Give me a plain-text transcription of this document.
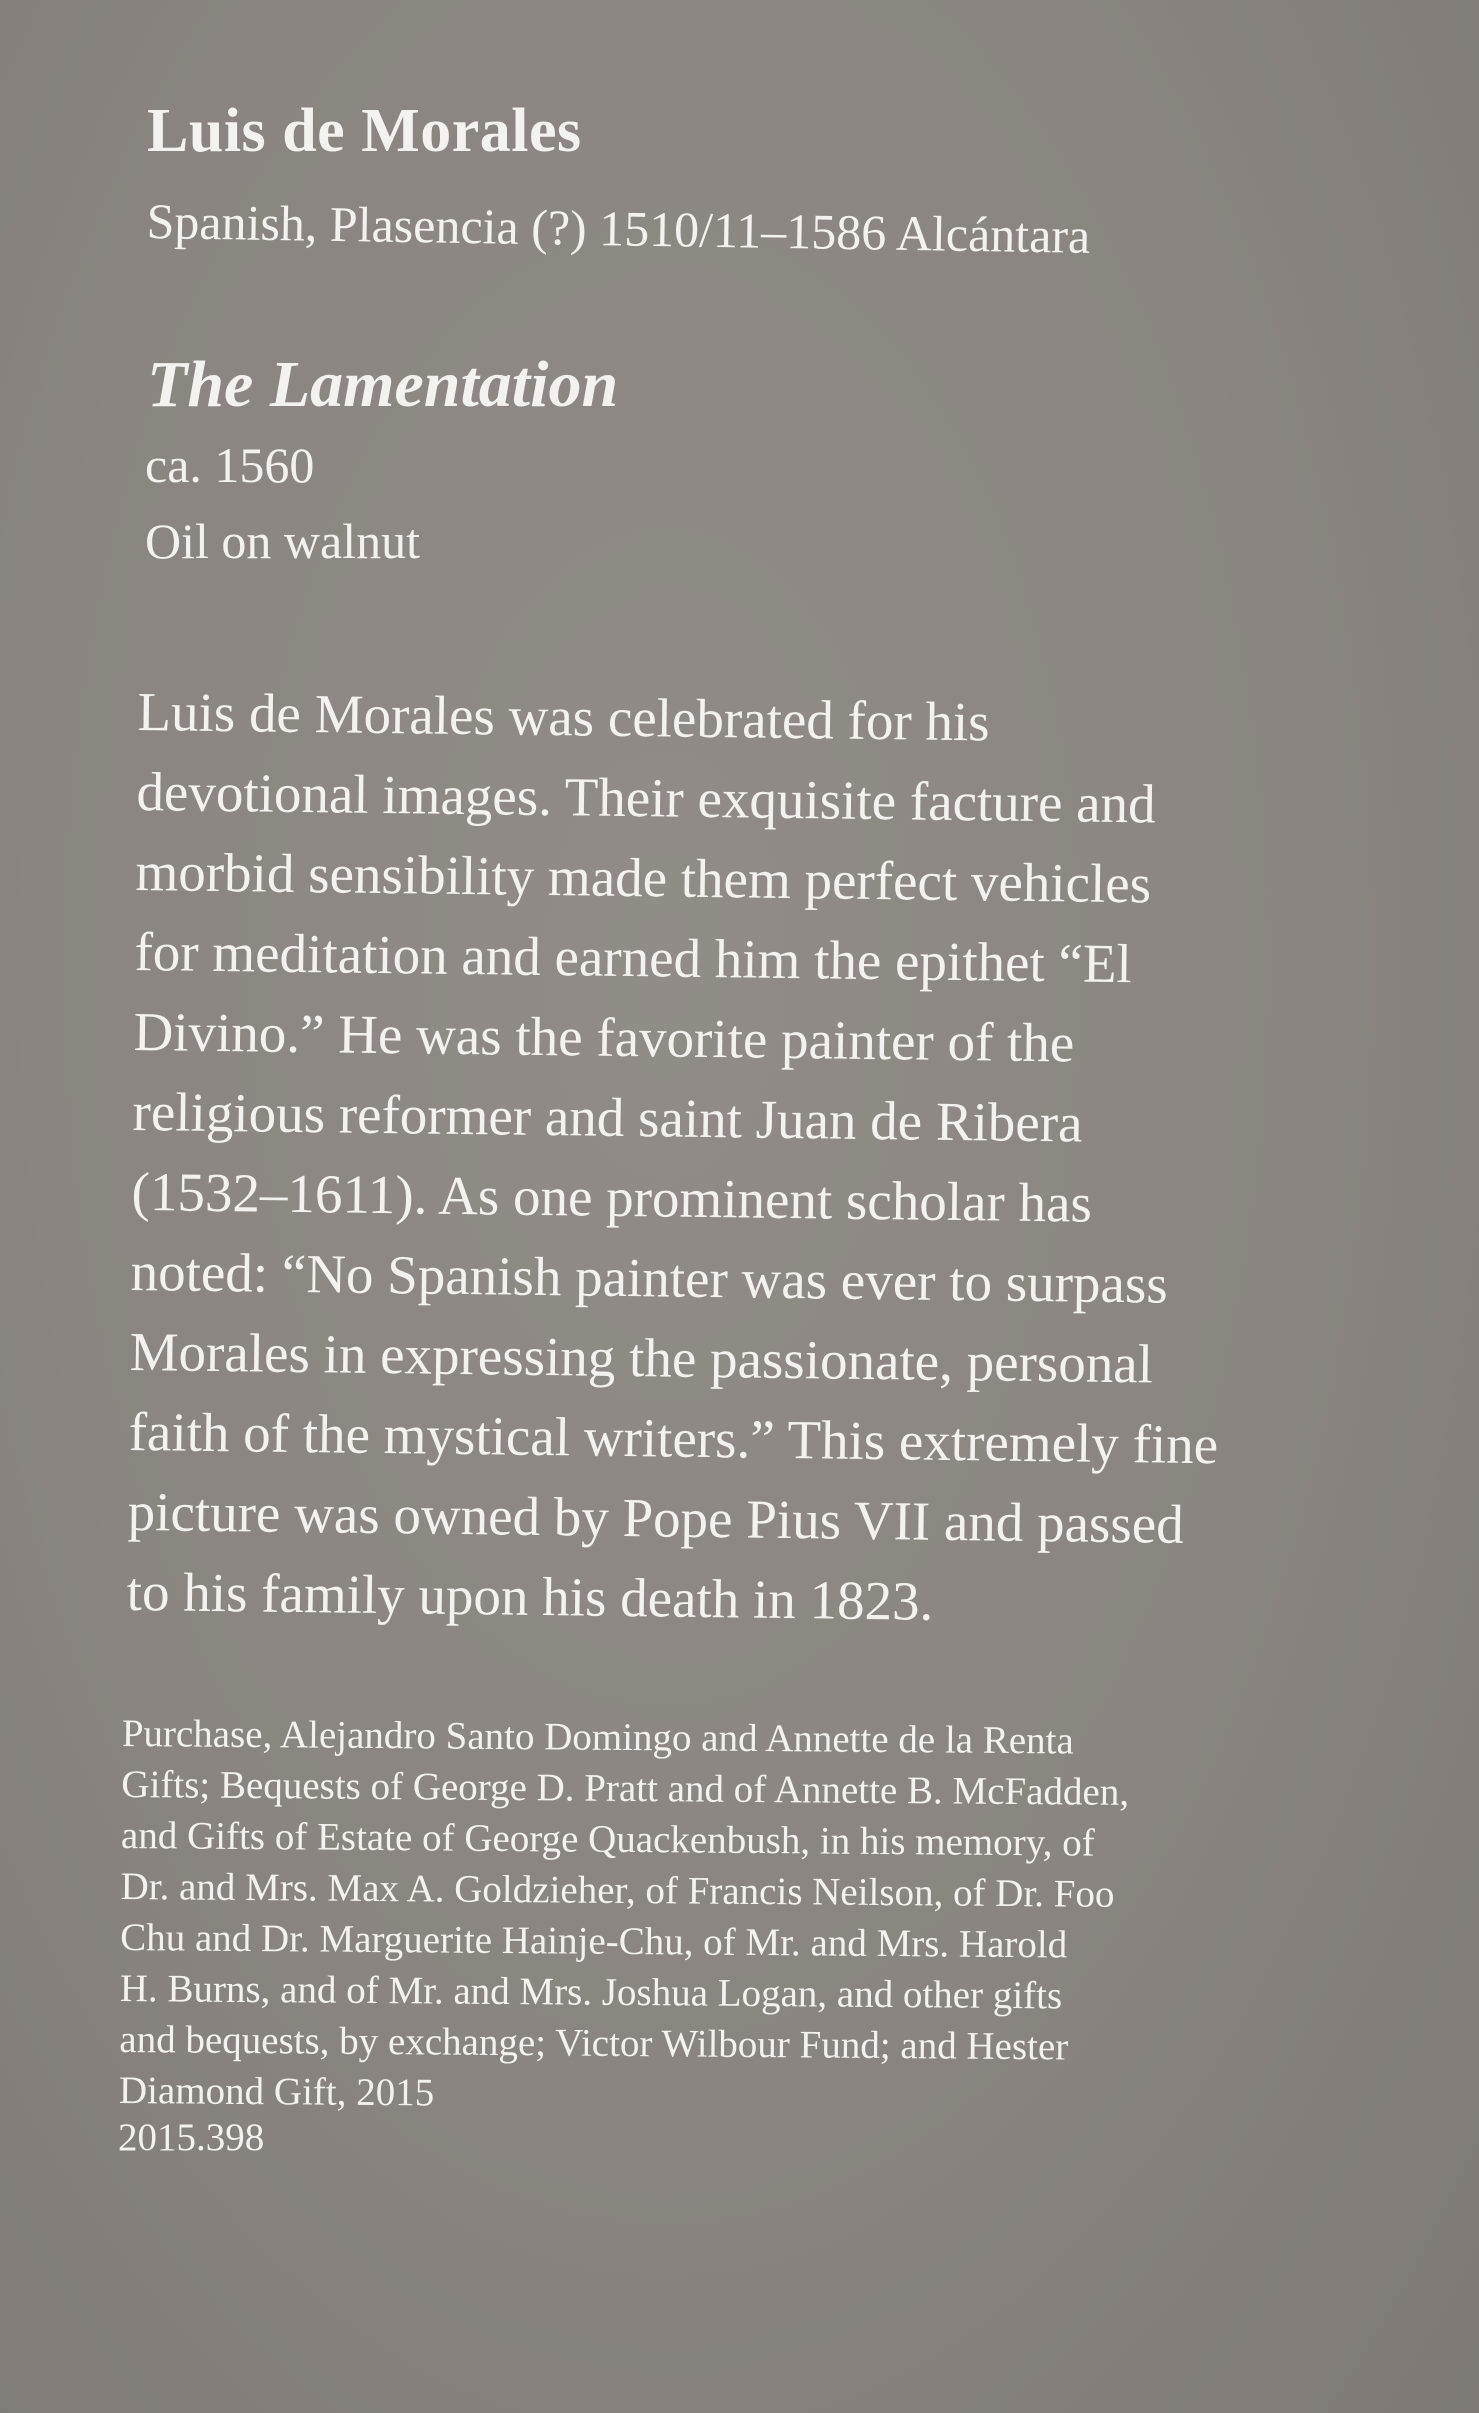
Luis de Morales

Spanish, Plasencia (?) 1510/11–1586 Alcántara

The Lamentation

ca. 1560

Oil on walnut

Luis de Morales was celebrated for his
devotional images. Their exquisite facture and
morbid sensibility made them perfect vehicles
for meditation and earned him the epithet “El
Divino.” He was the favorite painter of the
religious reformer and saint Juan de Ribera
(1532–1611). As one prominent scholar has
noted: “No Spanish painter was ever to surpass
Morales in expressing the passionate, personal
faith of the mystical writers.” This extremely fine
picture was owned by Pope Pius VII and passed
to his family upon his death in 1823.

Purchase, Alejandro Santo Domingo and Annette de la Renta
Gifts; Bequests of George D. Pratt and of Annette B. McFadden,
and Gifts of Estate of George Quackenbush, in his memory, of
Dr. and Mrs. Max A. Goldzieher, of Francis Neilson, of Dr. Foo
Chu and Dr. Marguerite Hainje-Chu, of Mr. and Mrs. Harold
H. Burns, and of Mr. and Mrs. Joshua Logan, and other gifts
and bequests, by exchange; Victor Wilbour Fund; and Hester
Diamond Gift, 2015

2015.398
